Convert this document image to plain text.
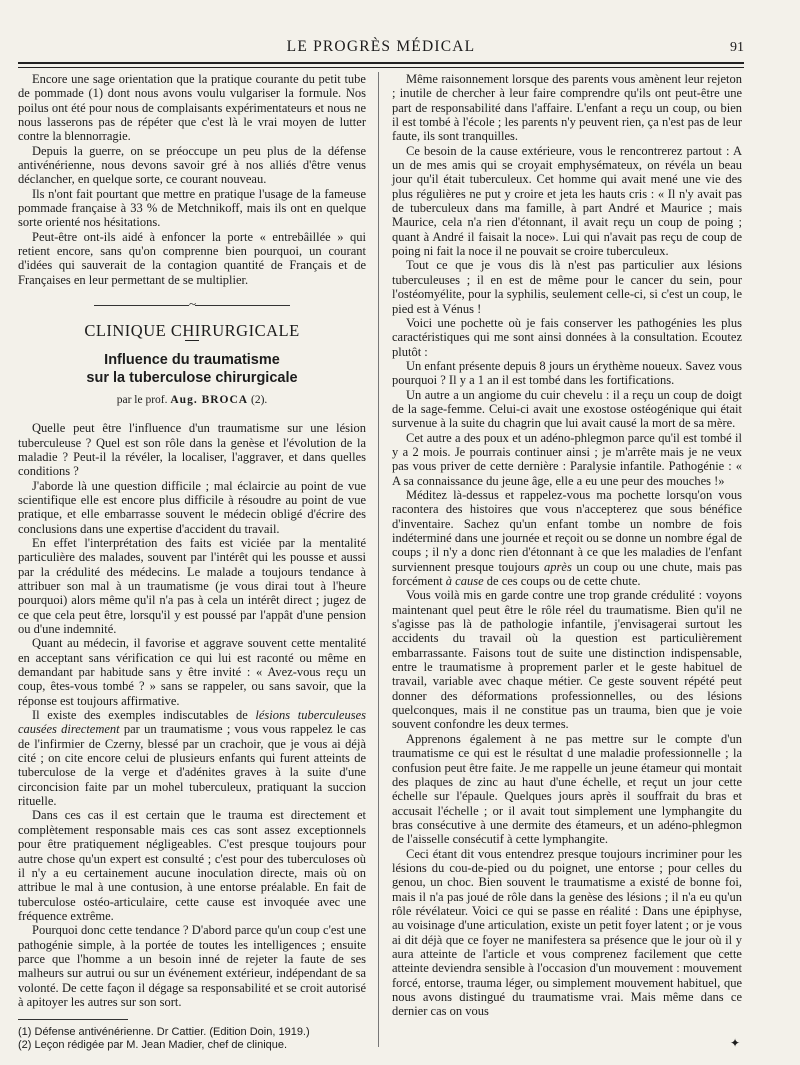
LE PROGRÈS MÉDICAL	91

Encore une sage orientation que la pratique courante du petit tube de pommade (1) dont nous avons voulu vulgariser la formule. Nos poilus ont été pour nous de complaisants expérimentateurs et nous ne nous lasserons pas de répéter que c'est là le vrai moyen de lutter contre la blennorragie.

Depuis la guerre, on se préoccupe un peu plus de la défense antivénérienne, nous devons savoir gré à nos alliés d'être venus déclancher, en quelque sorte, ce courant nouveau.

Ils n'ont fait pourtant que mettre en pratique l'usage de la fameuse pommade française à 33 % de Metchnikoff, mais ils ont en quelque sorte orienté nos hésitations.

Peut-être ont-ils aidé à enfoncer la porte « entrebâillée » qui retient encore, sans qu'on comprenne bien pourquoi, un courant d'idées qui sauverait de la contagion quantité de Français et de Françaises en leur permettant de se multiplier.

~
CLINIQUE CHIRURGICALE
Influence du traumatisme
sur la tuberculose chirurgicale
par le prof. Aug. BROCA (2).

Quelle peut être l'influence d'un traumatisme sur une lésion tuberculeuse ? Quel est son rôle dans la genèse et l'évolution de la maladie ? Peut-il la révéler, la localiser, l'aggraver, et dans quelles conditions ?

J'aborde là une question difficile ; mal éclaircie au point de vue scientifique elle est encore plus difficile à résoudre au point de vue pratique, et elle embarrasse souvent le médecin obligé d'écrire des conclusions dans une expertise d'accident du travail.

En effet l'interprétation des faits est viciée par la mentalité particulière des malades, souvent par l'intérêt qui les pousse et aussi par la crédulité des médecins. Le malade a toujours tendance à attribuer son mal à un traumatisme (je vous dirai tout à l'heure pourquoi) alors même qu'il n'a pas à cela un intérêt direct ; jugez de ce que cela peut être, lorsqu'il y est poussé par l'appât d'une pension ou d'une indemnité.

Quant au médecin, il favorise et aggrave souvent cette mentalité en acceptant sans vérification ce qui lui est raconté ou même en demandant par habitude sans y être invité : « Avez-vous reçu un coup, êtes-vous tombé ? » sans se rappeler, ou sans savoir, que la réponse est toujours affirmative.

Il existe des exemples indiscutables de lésions tuberculeuses causées directement par un traumatisme ; vous vous rappelez le cas de l'infirmier de Czerny, blessé par un crachoir, que je vous ai déjà cité ; on cite encore celui de plusieurs enfants qui furent atteints de tuberculose de la verge et d'adénites graves à la suite d'une circoncision faite par un mohel tuberculeux, pratiquant la succion rituelle.

Dans ces cas il est certain que le trauma est directement et complètement responsable mais ces cas sont assez exceptionnels pour être pratiquement négligeables. C'est presque toujours pour autre chose qu'un expert est consulté ; c'est pour des tuberculoses où il n'y a eu certainement aucune inoculation directe, mais où on attribue le mal à une contusion, à une entorse préalable. En fait de tuberculose ostéo-articulaire, cette cause est invoquée avec une fréquence extrême.

Pourquoi donc cette tendance ? D'abord parce qu'un coup c'est une pathogénie simple, à la portée de toutes les intelligences ; ensuite parce que l'homme a un besoin inné de rejeter la faute de ses malheurs sur autrui ou sur un événement extérieur, indépendant de sa volonté. De cette façon il dégage sa responsabilité et se croit autorisé à apitoyer les autres sur son sort.

(1) Défense antivénérienne. Dr Cattier. (Edition Doin, 1919.)
(2) Leçon rédigée par M. Jean Madier, chef de clinique.

Même raisonnement lorsque des parents vous amènent leur rejeton ; inutile de chercher à leur faire comprendre qu'ils ont peut-être une part de responsabilité dans l'affaire. L'enfant a reçu un coup, ou bien il est tombé à l'école ; les parents n'y peuvent rien, ça n'est pas de leur faute, ils sont tranquilles.

Ce besoin de la cause extérieure, vous le rencontrerez partout : A un de mes amis qui se croyait emphysémateux, on révéla un beau jour qu'il était tuberculeux. Cet homme qui avait mené une vie des plus régulières ne put y croire et jeta les hauts cris : « Il n'y avait pas de tuberculeux dans ma famille, à part André et Maurice ; mais Maurice, cela n'a rien d'étonnant, il avait reçu un coup de poing ; quant à André il faisait la noce». Lui qui n'avait pas reçu de coup de poing ni fait la noce il ne pouvait se croire tuberculeux.

Tout ce que je vous dis là n'est pas particulier aux lésions tuberculeuses ; il en est de même pour le cancer du sein, pour l'ostéomyélite, pour la syphilis, seulement celle-ci, si c'est un coup, le pied est à Vénus !

Voici une pochette où je fais conserver les pathogénies les plus caractéristiques qui me sont ainsi données à la consultation. Ecoutez plutôt :

Un enfant présente depuis 8 jours un érythème noueux. Savez vous pourquoi ? Il y a 1 an il est tombé dans les fortifications.

Un autre a un angiome du cuir chevelu : il a reçu un coup de doigt de la sage-femme. Celui-ci avait une exostose ostéogénique qui était survenue à la suite du chagrin que lui avait causé la mort de sa mère.

Cet autre a des poux et un adéno-phlegmon parce qu'il est tombé il y a 2 mois. Je pourrais continuer ainsi ; je m'arrête mais je ne veux pas vous priver de cette dernière : Paralysie infantile. Pathogénie : « A sa connaissance du jeune âge, elle a eu une peur des mouches !»

Méditez là-dessus et rappelez-vous ma pochette lorsqu'on vous racontera des histoires que vous n'accepterez que sous bénéfice d'inventaire. Sachez qu'un enfant tombe un nombre de fois indéterminé dans une journée et reçoit ou se donne un nombre égal de coups ; il n'y a donc rien d'étonnant à ce que les maladies de l'enfant surviennent presque toujours après un coup ou une chute, mais pas forcément à cause de ces coups ou de cette chute.

Vous voilà mis en garde contre une trop grande crédulité : voyons maintenant quel peut être le rôle réel du traumatisme. Bien qu'il ne s'agisse pas là de pathologie infantile, j'envisagerai surtout les accidents du travail où la question est particulièrement embarrassante. Faisons tout de suite une distinction indispensable, entre le traumatisme à proprement parler et le geste habituel de travail, variable avec chaque métier. Ce geste souvent répété peut donner des déformations professionnelles, ou des lésions quelconques, mais il ne constitue pas un trauma, bien que je voie souvent confondre les deux termes.

Apprenons également à ne pas mettre sur le compte d'un traumatisme ce qui est le résultat d une maladie professionnelle ; la confusion peut être faite. Je me rappelle un jeune étameur qui montait des plaques de zinc au haut d'une échelle, et reçut un jour cette échelle sur l'épaule. Quelques jours après il souffrait du bras et accusait l'échelle ; or il avait tout simplement une lymphangite du bras consécutive à une dermite des étameurs, et un adéno-phlegmon de l'aisselle consécutif à cette lymphangite.

Ceci étant dit vous entendrez presque toujours incriminer pour les lésions du cou-de-pied ou du poignet, une entorse ; pour celles du genou, un choc. Bien souvent le traumatisme a existé de bonne foi, mais il n'a pas joué de rôle dans la genèse des lésions ; il n'a eu qu'un rôle révélateur. Voici ce qui se passe en réalité : Dans une épiphyse, au voisinage d'une articulation, existe un petit foyer latent ; or je vous ai dit déjà que ce foyer ne manifestera sa présence que le jour où il y aura atteinte de l'article et vous comprenez facilement que cette atteinte deviendra sensible à l'occasion d'un mouvement : mouvement forcé, entorse, trauma léger, ou simplement mouvement habituel, que nous avons distingué du traumatisme vrai. Mais même dans ce dernier cas on vous

✦
